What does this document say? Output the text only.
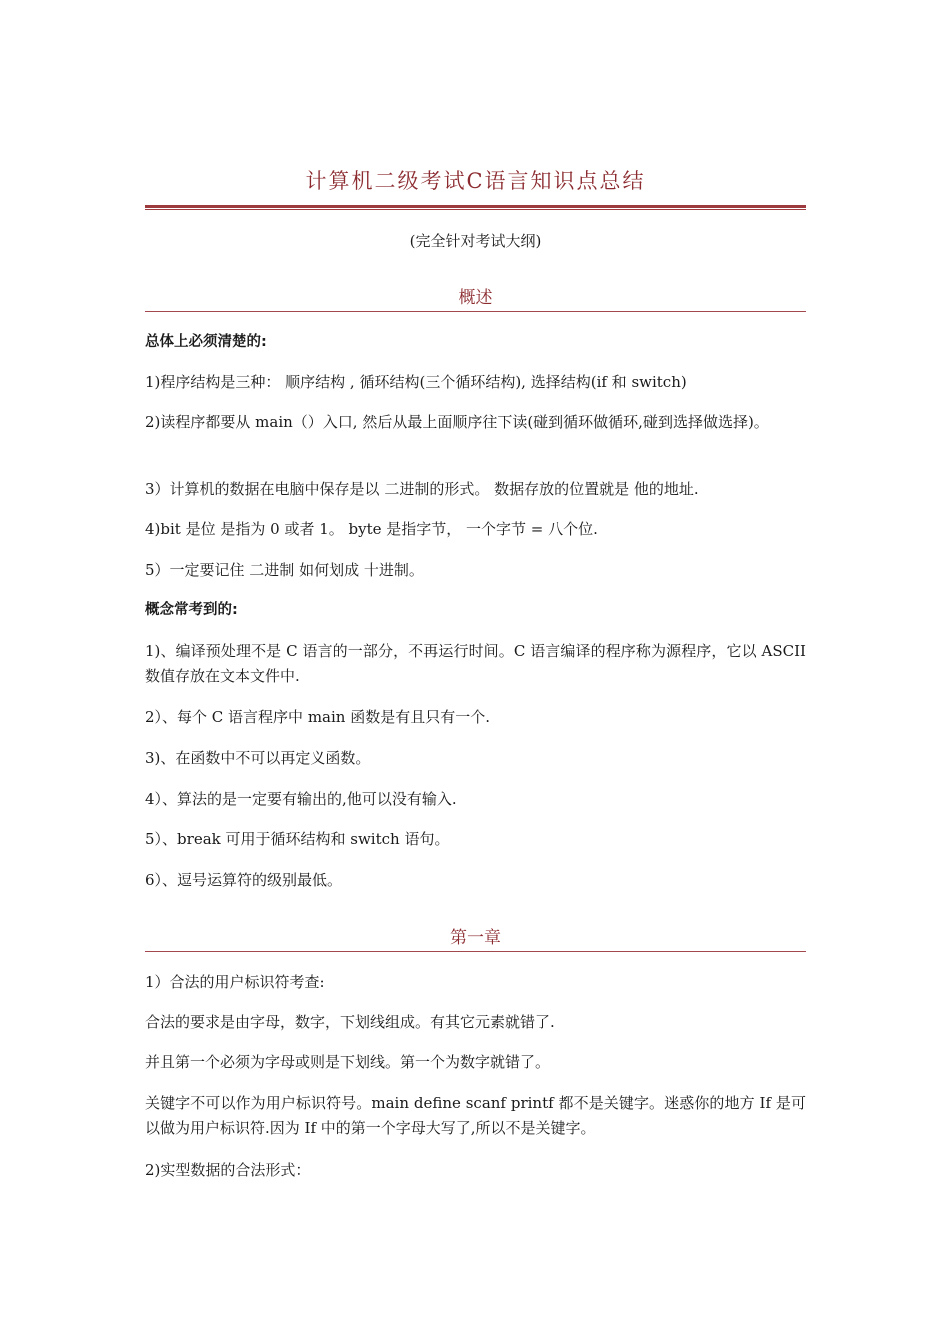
计算机二级考试C语言知识点总结
(完全针对考试大纲)
概述
总体上必须清楚的:
1)程序结构是三种： 顺序结构 , 循环结构(三个循环结构), 选择结构(if 和 switch)
2)读程序都要从 main（）入口, 然后从最上面顺序往下读(碰到循环做循环,碰到选择做选择)。
3）计算机的数据在电脑中保存是以 二进制的形式。 数据存放的位置就是 他的地址.
4)bit 是位 是指为 0 或者 1。 byte 是指字节， 一个字节 = 八个位.
5）一定要记住 二进制 如何划成 十进制。
概念常考到的:
1)、编译预处理不是 C 语言的一部分，不再运行时间。C 语言编译的程序称为源程序，它以 ASCII 数值存放在文本文件中.
2）、每个 C 语言程序中 main 函数是有且只有一个.
3)、在函数中不可以再定义函数。
4）、算法的是一定要有输出的,他可以没有输入.
5）、break 可用于循环结构和 switch 语句。
6）、逗号运算符的级别最低。
第一章
1）合法的用户标识符考查:
合法的要求是由字母，数字，下划线组成。有其它元素就错了.
并且第一个必须为字母或则是下划线。第一个为数字就错了。
关键字不可以作为用户标识符号。main define scanf printf 都不是关键字。迷惑你的地方 If 是可以做为用户标识符.因为 If 中的第一个字母大写了,所以不是关键字。
2)实型数据的合法形式：
